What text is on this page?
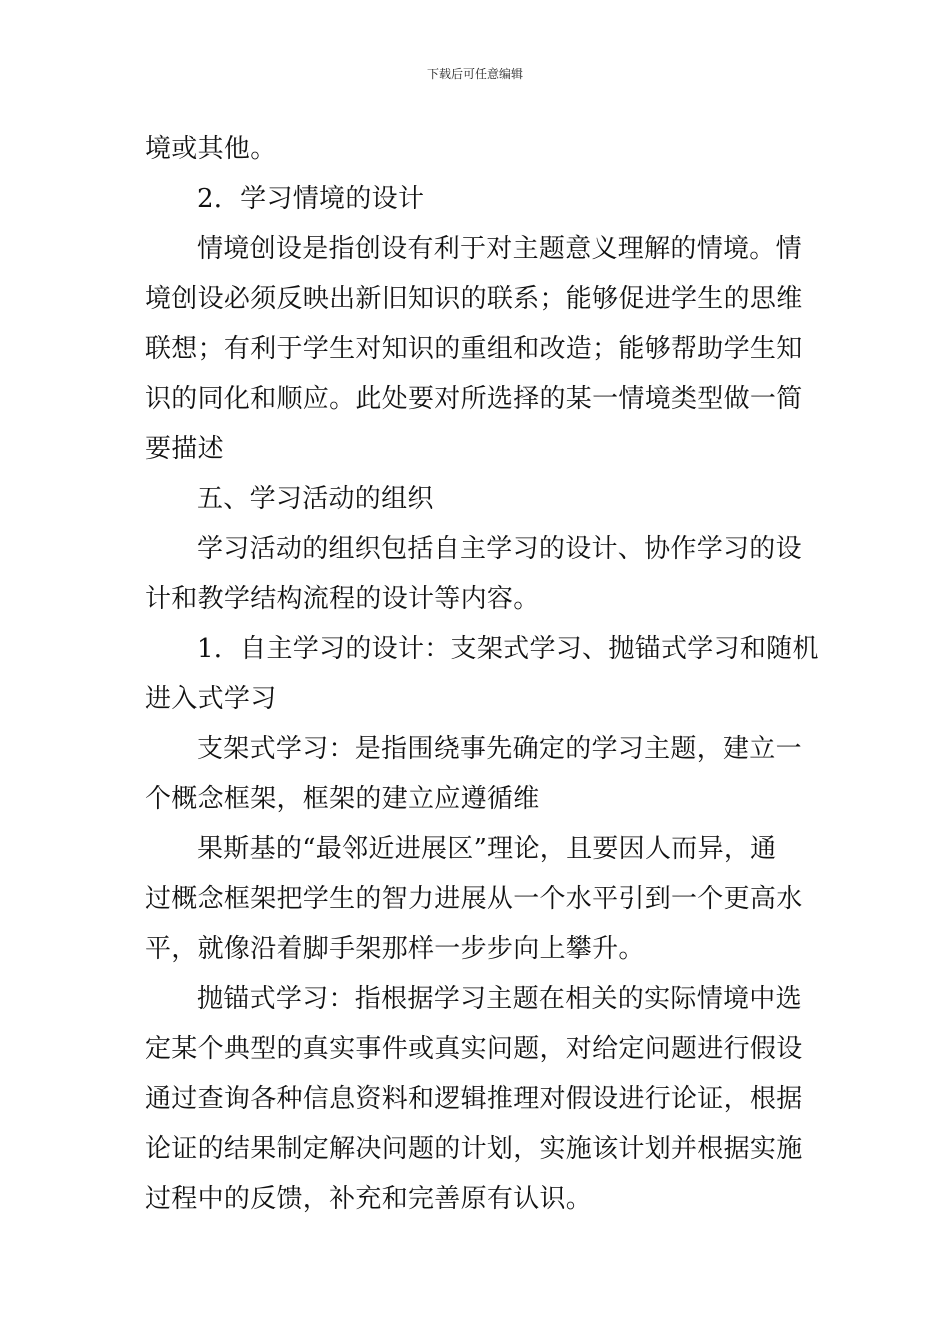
下载后可任意编辑
境或其他。
2．学习情境的设计
情境创设是指创设有利于对主题意义理解的情境。情
境创设必须反映出新旧知识的联系；能够促进学生的思维
联想；有利于学生对知识的重组和改造；能够帮助学生知
识的同化和顺应。此处要对所选择的某一情境类型做一简
要描述
五、学习活动的组织
学习活动的组织包括自主学习的设计、协作学习的设
计和教学结构流程的设计等内容。
1．自主学习的设计：支架式学习、抛锚式学习和随机
进入式学习
支架式学习：是指围绕事先确定的学习主题，建立一
个概念框架，框架的建立应遵循维
果斯基的“最邻近进展区”理论，且要因人而异，通
过概念框架把学生的智力进展从一个水平引到一个更高水
平，就像沿着脚手架那样一步步向上攀升。
抛锚式学习：指根据学习主题在相关的实际情境中选
定某个典型的真实事件或真实问题，对给定问题进行假设
通过查询各种信息资料和逻辑推理对假设进行论证，根据
论证的结果制定解决问题的计划，实施该计划并根据实施
过程中的反馈，补充和完善原有认识。
